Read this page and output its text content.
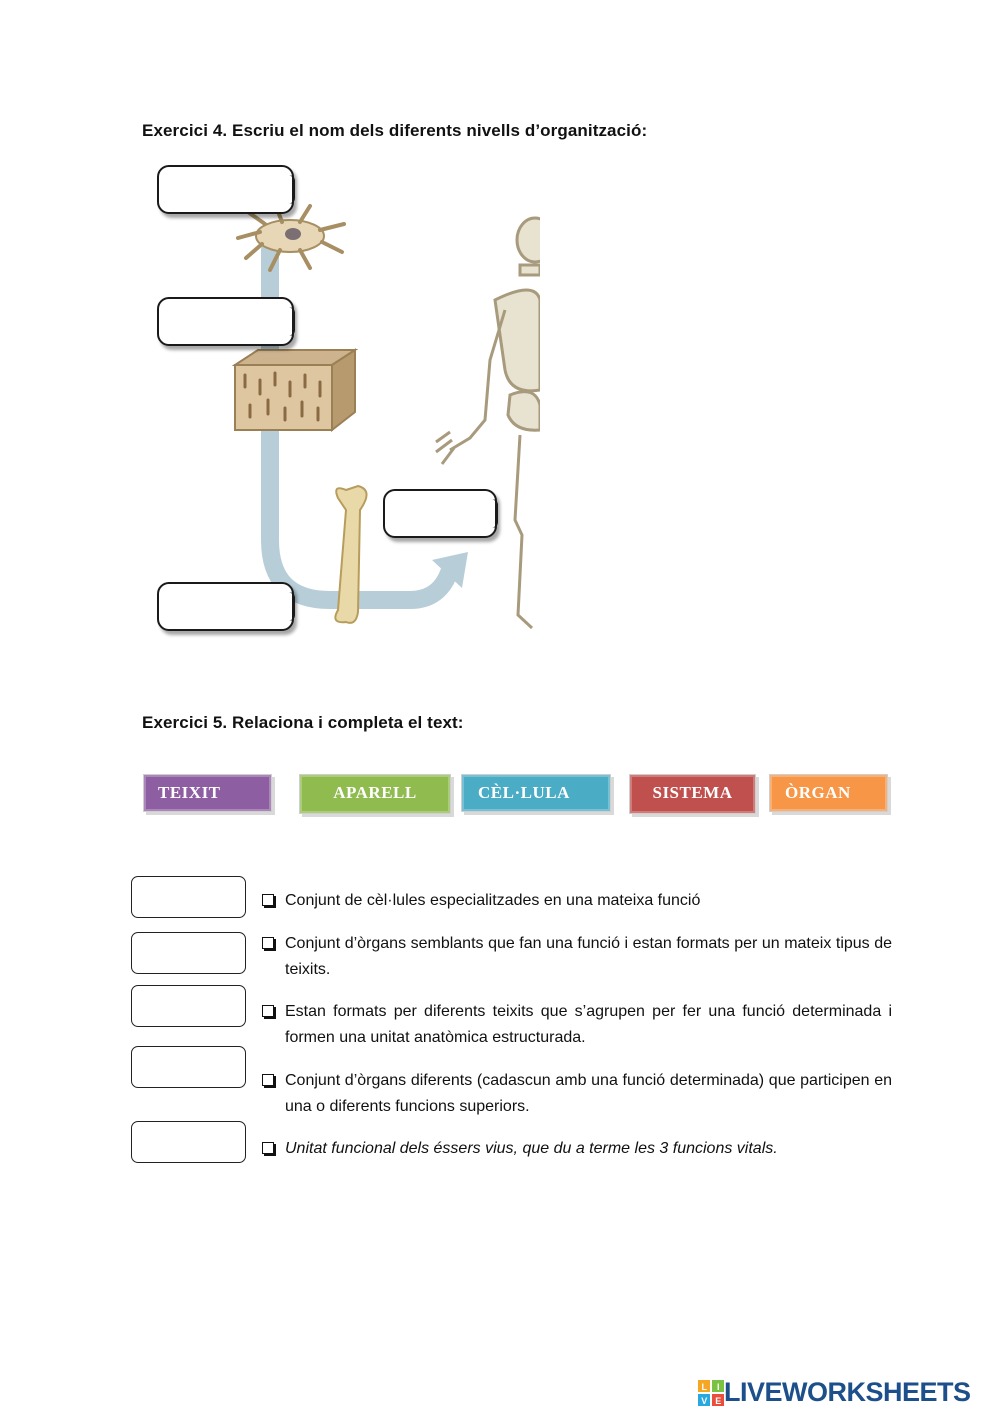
Exercici 4. Escriu el nom dels diferents nivells d’organització:
Exercici 5. Relaciona i completa el text:
TEIXIT	APARELL	CÈL·LULA	SISTEMA	ÒRGAN
Conjunt de cèl·lules especialitzades en una mateixa funció
Conjunt d’òrgans semblants que fan una funció i estan formats per un mateix tipus de teixits.
Estan formats per diferents teixits que s’agrupen per fer una funció determinada i formen una unitat anatòmica estructurada.
Conjunt d’òrgans diferents (cadascun amb una funció determinada) que participen en una o diferents funcions superiors.
Unitat funcional dels éssers vius, que du a terme les 3 funcions vitals.
L I
V E LIVEWORKSHEETS
